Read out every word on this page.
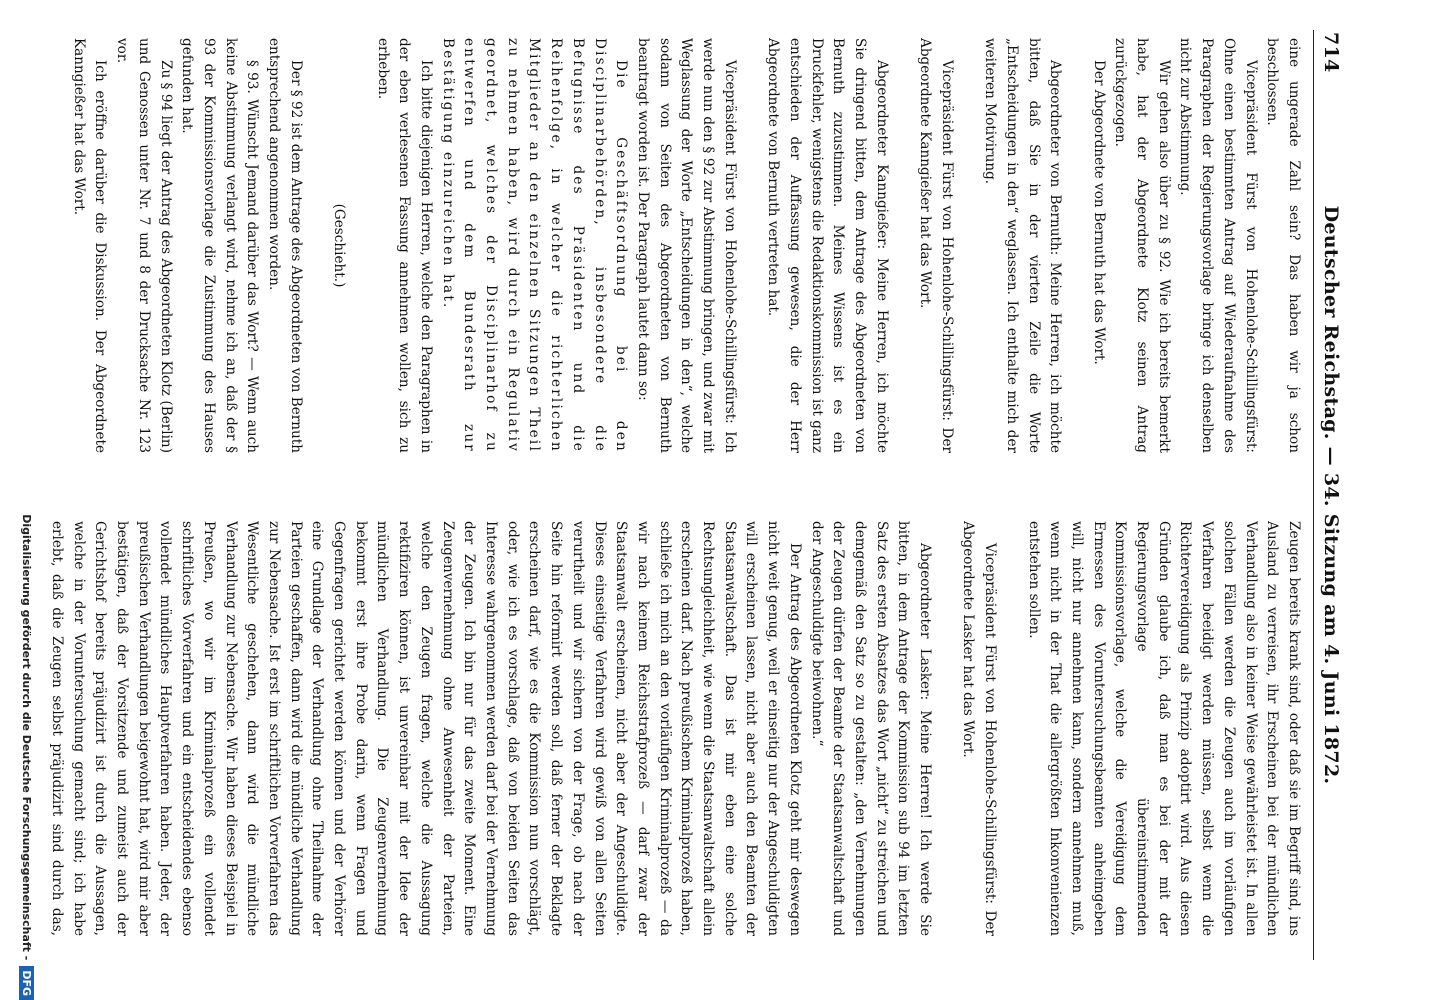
714
Deutscher Reichstag. — 34. Sitzung am 4. Juni 1872.

eine ungerade Zahl sein? Das haben wir ja schon beschlossen.

Vicepräsident Fürst von Hohenlohe-Schillingsfürst: Ohne einen bestimmten Antrag auf Wiederaufnahme des Paragraphen der Regierungsvorlage bringe ich denselben nicht zur Abstimmung.

Wir gehen also über zu § 92. Wie ich bereits bemerkt habe, hat der Abgeordnete Klotz seinen Antrag zurückgezogen.

Der Abgeordnete von Bernuth hat das Wort.

Abgeordneter von Bernuth: Meine Herren, ich möchte bitten, daß Sie in der vierten Zeile die Worte „Entscheidungen in den“ weglassen. Ich enthalte mich der weiteren Motivirung.

Vicepräsident Fürst von Hohenlohe-Schillingsfürst: Der Abgeordnete Kanngießer hat das Wort.

Abgeordneter Kanngießer: Meine Herren, ich möchte Sie dringend bitten, dem Antrage des Abgeordneten von Bernuth zuzustimmen. Meines Wissens ist es ein Druckfehler, wenigstens die Redaktionskommission ist ganz entschieden der Auffassung gewesen, die der Herr Abgeordnete von Bernuth vertreten hat.

Vicepräsident Fürst von Hohenlohe-Schillingsfürst: Ich werde nun den § 92 zur Abstimmung bringen, und zwar mit Weglassung der Worte „Entscheidungen in den“, welche sodann von Seiten des Abgeordneten von Bernuth beantragt worden ist. Der Paragraph lautet dann so:

Die Geschäftsordnung bei den Disciplinarbehörden, insbesondere die Befugnisse des Präsidenten und die Reihenfolge, in welcher die richterlichen Mitglieder an den einzelnen Sitzungen Theil zu nehmen haben, wird durch ein Regulativ geordnet, welches der Disciplinarhof zu entwerfen und dem Bundesrath zur Bestätigung einzureichen hat.

Ich bitte diejenigen Herren, welche den Paragraphen in der eben verlesenen Fassung annehmen wollen, sich zu erheben.

(Geschieht.)

Der § 92 ist dem Antrage des Abgeordneten von Bernuth entsprechend angenommen worden.

§ 93. Wünscht Jemand darüber das Wort? — Wenn auch keine Abstimmung verlangt wird, nehme ich an, daß der § 93 der Kommissionsvorlage die Zustimmung des Hauses gefunden hat.

Zu § 94 liegt der Antrag des Abgeordneten Klotz (Berlin) und Genossen unter Nr. 7 und 8 der Drucksache Nr. 123 vor.

Ich eröffne darüber die Diskussion. Der Abgeordnete Kanngießer hat das Wort.

Zeugen bereits krank sind, oder daß sie im Begriff sind, ins Ausland zu verreisen, ihr Erscheinen bei der mündlichen Verhandlung also in keiner Weise gewährleistet ist. In allen solchen Fällen werden die Zeugen auch im vorläufigen Verfahren beeidigt werden müssen, selbst wenn die Richtervereidigung als Prinzip adoptirt wird. Aus diesen Gründen glaube ich, daß man es bei der mit der Regierungsvorlage übereinstimmenden Kommissionsvorlage, welche die Vereidigung dem Ermessen des Voruntersuchungsbeamten anheimgeben will, nicht nur annehmen kann, sondern annehmen muß, wenn nicht in der That die allergrößten Inkonvenienzen entstehen sollen.

Vicepräsident Fürst von Hohenlohe-Schillingsfürst: Der Abgeordnete Lasker hat das Wort.

Abgeordneter Lasker: Meine Herren! Ich werde Sie bitten, in dem Antrage der Kommission sub 94 im letzten Satz des ersten Absatzes das Wort „nicht“ zu streichen und demgemäß den Satz so zu gestalten: „den Vernehmungen der Zeugen dürfen der Beamte der Staatsanwaltschaft und der Angeschuldigte beiwohnen.“

Der Antrag des Abgeordneten Klotz geht mir deswegen nicht weit genug, weil er einseitig nur der Angeschuldigten will erscheinen lassen, nicht aber auch den Beamten der Staatsanwaltschaft. Das ist mir eben eine solche Rechtsungleichheit, wie wenn die Staatsanwaltschaft allein erscheinen darf. Nach preußischem Kriminalprozeß haben, schließe ich mich an den vorläufigen Kriminalprozeß — da wir nach keinem Reichsstrafprozeß — darf zwar der Staatsanwalt erscheinen, nicht aber der Angeschuldigte. Dieses einseitige Verfahren wird gewiß von allen Seiten verurtheilt und wir sichern von der Frage, ob nach der Seite hin reformirt werden soll, daß ferner der Beklagte erscheinen darf, wie es die Kommission nun vorschlägt, oder, wie ich es vorschlage, daß von beiden Seiten das Interesse wahrgenommen werden darf bei der Vernehmung der Zeugen. Ich bin nur für das zweite Moment. Eine Zeugenvernehmung ohne Anwesenheit der Parteien, welche den Zeugen fragen, welche die Aussagung rektifiziren können, ist unvereinbar mit der Idee der mündlichen Verhandlung. Die Zeugenvernehmung bekommt erst ihre Probe darin, wenn Fragen und Gegenfragen gerichtet werden können und der Verhörer eine Grundlage der Verhandlung ohne Theilnahme der Parteien geschaffen, dann wird die mündliche Verhandlung zur Nebensache. Ist erst im schriftlichen Vorverfahren das Wesentliche geschehen, dann wird die mündliche Verhandlung zur Nebensache. Wir haben dieses Beispiel in Preußen, wo wir im Kriminalprozeß ein vollendet schriftliches Vorverfahren und ein entscheidendes ebenso vollendet mündliches Hauptverfahren haben. Jeder, der preußischen Verhandlungen beigewohnt hat, wird mir aber bestätigen, daß der Vorsitzende und zumeist auch der Gerichtshof bereits präjudizirt ist durch die Aussagen, welche in der Voruntersuchung gemacht sind; ich habe erlebt, daß die Zeugen selbst präjudizirt sind durch das,

Digitalisierung gefördert durch die Deutsche Forschungsgemeinschaft -DFG
